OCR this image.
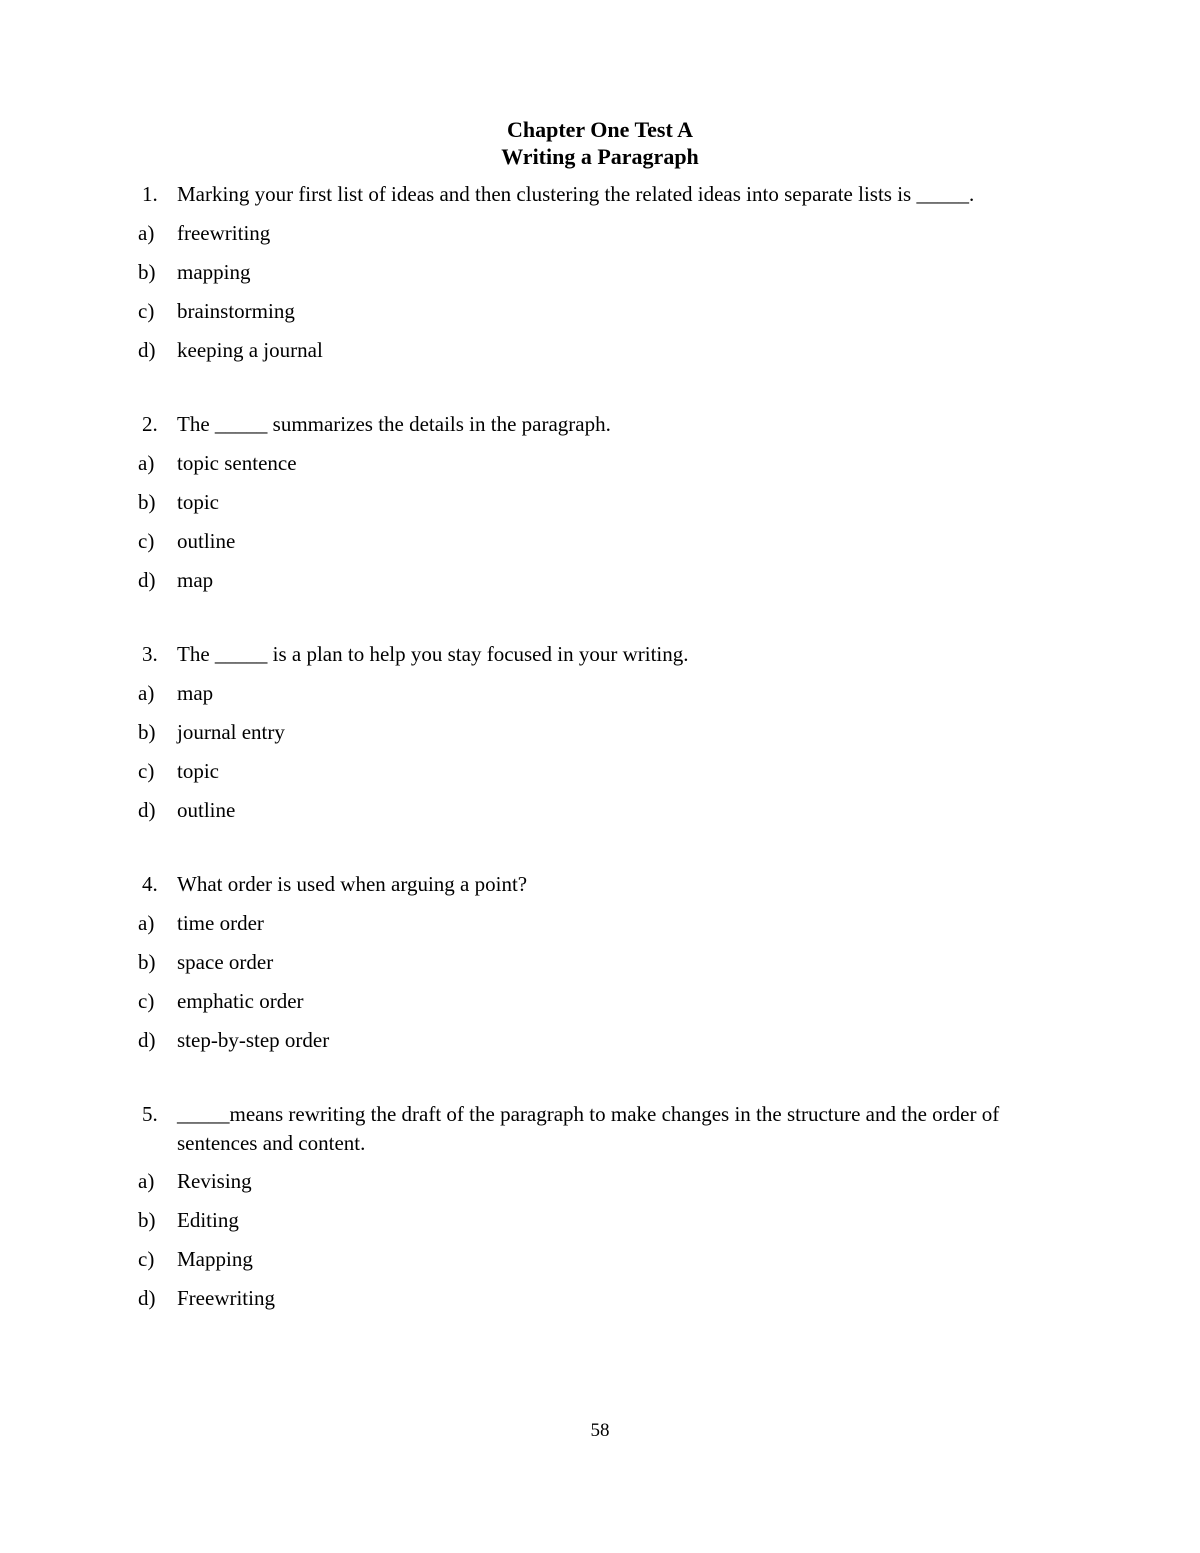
Chapter One Test A
Writing a Paragraph
1. Marking your first list of ideas and then clustering the related ideas into separate lists is _____.
a) freewriting
b) mapping
c) brainstorming
d) keeping a journal
2. The _____ summarizes the details in the paragraph.
a) topic sentence
b) topic
c) outline
d) map
3. The _____ is a plan to help you stay focused in your writing.
a) map
b) journal entry
c) topic
d) outline
4. What order is used when arguing a point?
a) time order
b) space order
c) emphatic order
d) step-by-step order
5. _____means rewriting the draft of the paragraph to make changes in the structure and the order of sentences and content.
a) Revising
b) Editing
c) Mapping
d) Freewriting
58
